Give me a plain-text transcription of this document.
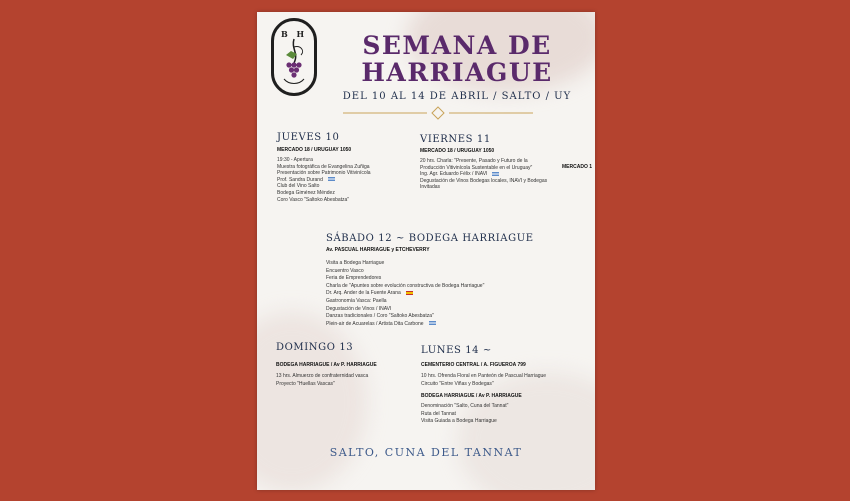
B H	SEMANA DE
HARRIAGUE
DEL 10 AL 14 DE ABRIL / SALTO / UY
JUEVES 10
MERCADO 18 / URUGUAY 1050
19:30 - Apertura
Muestra fotográfica de Evangelina Zuñiga
Presentación sobre Patrimonio Vitivinícola
Prof. Sandra Durand
Club del Vino Salto
Bodega Giménez Méndez
Coro Vasco "Saltoko Abesbatza"
VIERNES 11
MERCADO 18 / URUGUAY 1050
20 hrs. Charla: "Presente, Pasado y Futuro de la
Producción Vitivinícola Sustentable en el Uruguay"
Ing. Agr. Eduardo Félix / INAVI
Degustación de Vinos Bodegas locales, INAVI y Bodegas
Invitadas
MERCADO 1
SÁBADO 12 ~ BODEGA HARRIAGUE
Av. PASCUAL HARRIAGUE y ETCHEVERRY
Visita a Bodega Harriague
Encuentro Vasco
Feria de Emprendedores
Charla de "Apuntes sobre evolución constructiva de Bodega Harriague"
Dr. Arq. Ander de la Fuente Arana
Gastronomía Vasca: Paella
Degustación de Vinos / INAVI
Danzas tradicionales / Coro "Saltoko Abesbatza"
Plein-air de Acuarelas / Artista Dita Carbone
DOMINGO 13
BODEGA HARRIAGUE / Av P. HARRIAGUE
13 hrs. Almuerzo de confraternidad vasca
Proyecto "Huellas Vascas"
LUNES 14 ~
CEMENTERIO CENTRAL / A. FIGUEROA 799
10 hrs. Ofrenda Floral en Panteón de Pascual Harriague
Circuito "Entre Viñas y Bodegas"
BODEGA HARRIAGUE / Av P. HARRIAGUE
Denominación "Salto, Cuna del Tannat"
Ruta del Tannat
Visita Guiada a Bodega Harriague
SALTO, CUNA DEL TANNAT
